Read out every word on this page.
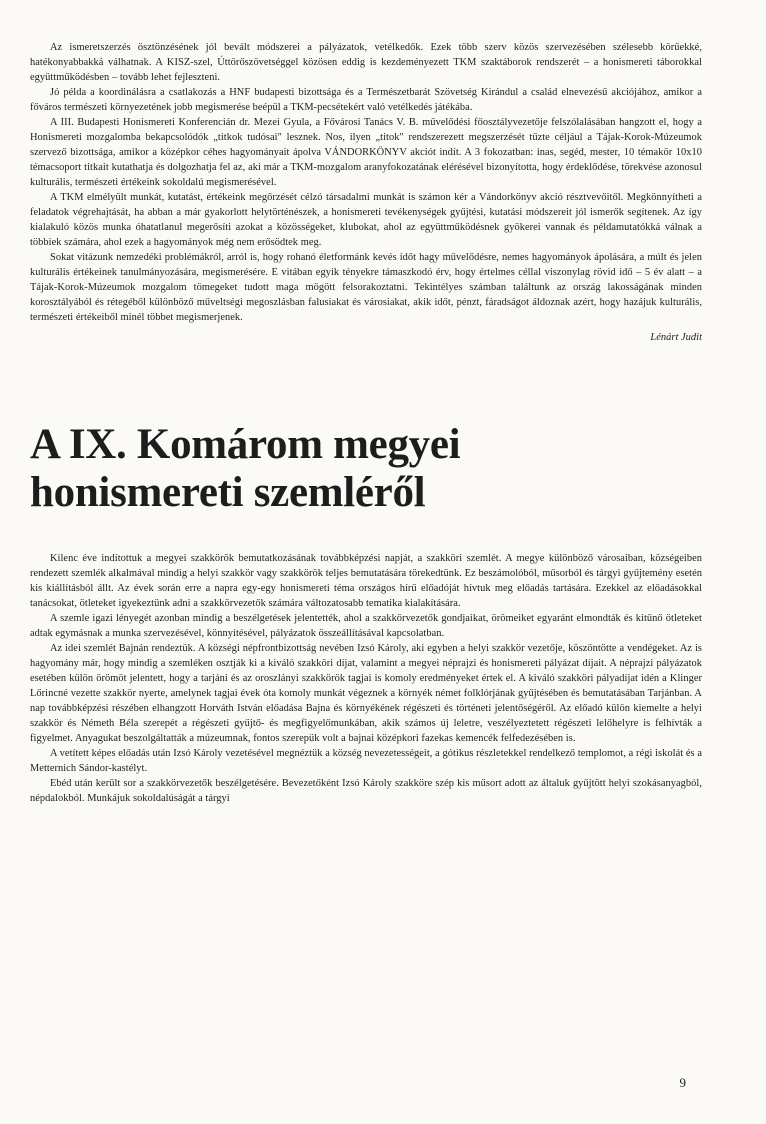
Az ismeretszerzés ösztönzésének jól bevált módszerei a pályázatok, vetélkedők. Ezek több szerv közös szervezésében szélesebb körűekké, hatékonyabbakká válhatnak. A KISZ-szel, Úttörőszövetséggel közösen eddig is kezdeményezett TKM szaktáborok rendszerét – a honismereti táborokkal együttműködésben – tovább lehet fejleszteni.

Jó példa a koordinálásra a csatlakozás a HNF budapesti bizottsága és a Természetbarát Szövetség Kirándul a család elnevezésű akciójához, amikor a főváros természeti környezetének jobb megismerése beépül a TKM-pecsétekért való vetélkedés játékába.

A III. Budapesti Honismereti Konferencián dr. Mezei Gyula, a Fővárosi Tanács V. B. művelődési főosztályvezetője felszólalásában hangzott el, hogy a Honismereti mozgalomba bekapcsolódók „titkok tudósai" lesznek. Nos, ilyen „titok" rendszerezett megszerzését tűzte céljául a Tájak-Korok-Múzeumok szervező bizottsága, amikor a középkor céhes hagyományait ápolva VÁNDORKÖNYV akciót indít. A 3 fokozatban: inas, segéd, mester, 10 témakör 10x10 témacsoport titkait kutathatja és dolgozhatja fel az, aki már a TKM-mozgalom aranyfokozatának elérésével bizonyította, hogy érdeklődése, törekvése azonosul kulturális, természeti értékeink sokoldalú megismerésével.

A TKM elmélyült munkát, kutatást, értékeink megőrzését célzó társadalmi munkát is számon kér a Vándorkönyv akció résztvevőitől. Megkönnyítheti a feladatok végrehajtását, ha abban a már gyakorlott helytörténészek, a honismereti tevékenységek gyűjtési, kutatási módszereit jól ismerők segítenek. Az így kialakuló közös munka óhatatlanul megerősíti azokat a közösségeket, klubokat, ahol az együttműködésnek gyökerei vannak és példamutatókká válnak a többiek számára, ahol ezek a hagyományok még nem erősödtek meg.

Sokat vitázunk nemzedéki problémákról, arról is, hogy rohanó életformánk kevés időt hagy művelődésre, nemes hagyományok ápolására, a múlt és jelen kulturális értékeinek tanulmányozására, megismerésére. E vitában egyik tényekre támaszkodó érv, hogy értelmes céllal viszonylag rövid idő – 5 év alatt – a Tájak-Korok-Múzeumok mozgalom tömegeket tudott maga mögött felsorakoztatni. Tekintélyes számban találtunk az ország lakosságának minden korosztályából és rétegéből különböző műveltségi megoszlásban falusiakat és városiakat, akik időt, pénzt, fáradságot áldoznak azért, hogy hazájuk kulturális, természeti értékeiből minél többet megismerjenek.

Lénárt Judit

A IX. Komárom megyei
honismereti szemléről

Kilenc éve indítottuk a megyei szakkörök bemutatkozásának továbbképzési napját, a szakköri szemlét. A megye különböző városaiban, községeiben rendezett szemlék alkalmával mindig a helyi szakkör vagy szakkörök teljes bemutatására törekedtünk. Ez beszámolóból, műsorból és tárgyi gyűjtemény esetén kis kiállításból állt. Az évek során erre a napra egy-egy honismereti téma országos hírű előadóját hívtuk meg előadás tartására. Ezekkel az előadásokkal tanácsokat, ötleteket igyekeztünk adni a szakkörvezetők számára változatosabb tematika kialakítására.

A szemle igazi lényegét azonban mindig a beszélgetések jelentették, ahol a szakkörvezetők gondjaikat, örömeiket egyaránt elmondták és kitűnő ötleteket adtak egymásnak a munka szervezésével, könnyítésével, pályázatok összeállításával kapcsolatban.

Az idei szemlét Bajnán rendeztük. A községi népfrontbizottság nevében Izsó Károly, aki egyben a helyi szakkör vezetője, köszöntötte a vendégeket. Az is hagyomány már, hogy mindig a szemléken osztják ki a kiváló szakköri díjat, valamint a megyei néprajzi és honismereti pályázat díjait. A néprajzi pályázatok esetében külön örömöt jelentett, hogy a tarjáni és az oroszlányi szakkörök tagjai is komoly eredményeket értek el. A kiváló szakköri pályadíjat idén a Klinger Lőrincné vezette szakkör nyerte, amelynek tagjai évek óta komoly munkát végeznek a környék német folklórjának gyűjtésében és bemutatásában Tarjánban. A nap továbbképzési részében elhangzott Horváth István előadása Bajna és környékének régészeti és történeti jelentőségéről. Az előadó külön kiemelte a helyi szakkör és Németh Béla szerepét a régészeti gyűjtő- és megfigyelőmunkában, akik számos új leletre, veszélyeztetett régészeti lelőhelyre is felhívták a figyelmet. Anyagukat beszolgáltatták a múzeumnak, fontos szerepük volt a bajnai középkori fazekas kemencék felfedezésében is.

A vetített képes előadás után Izsó Károly vezetésével megnéztük a község nevezetességeit, a gótikus részletekkel rendelkező templomot, a régi iskolát és a Metternich Sándor-kastélyt.

Ebéd után került sor a szakkörvezetők beszélgetésére. Bevezetőként Izsó Károly szakköre szép kis műsort adott az általuk gyűjtött helyi szokásanyagból, népdalokból. Munkájuk sokoldalúságát a tárgyi

9
